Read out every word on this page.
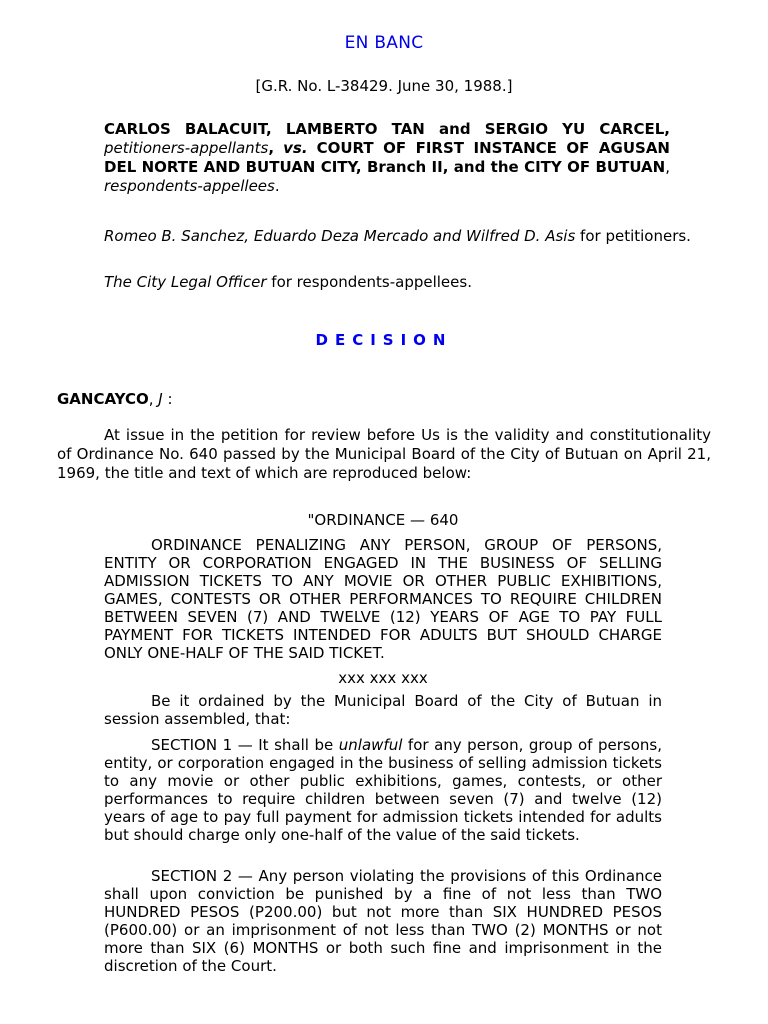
EN BANC
[G.R. No. L-38429. June 30, 1988.]
CARLOS BALACUIT, LAMBERTO TAN and SERGIO YU CARCEL, petitioners-appellants, vs. COURT OF FIRST INSTANCE OF AGUSAN DEL NORTE AND BUTUAN CITY, Branch II, and the CITY OF BUTUAN, respondents-appellees.
Romeo B. Sanchez, Eduardo Deza Mercado and Wilfred D. Asis for petitioners.
The City Legal Officer for respondents-appellees.
DECISION
GANCAYCO, J :
At issue in the petition for review before Us is the validity and constitutionality of Ordinance No. 640 passed by the Municipal Board of the City of Butuan on April 21, 1969, the title and text of which are reproduced below:
"ORDINANCE — 640
ORDINANCE PENALIZING ANY PERSON, GROUP OF PERSONS, ENTITY OR CORPORATION ENGAGED IN THE BUSINESS OF SELLING ADMISSION TICKETS TO ANY MOVIE OR OTHER PUBLIC EXHIBITIONS, GAMES, CONTESTS OR OTHER PERFORMANCES TO REQUIRE CHILDREN BETWEEN SEVEN (7) AND TWELVE (12) YEARS OF AGE TO PAY FULL PAYMENT FOR TICKETS INTENDED FOR ADULTS BUT SHOULD CHARGE ONLY ONE-HALF OF THE SAID TICKET.
xxx xxx xxx
Be it ordained by the Municipal Board of the City of Butuan in session assembled, that:
SECTION 1 — It shall be unlawful for any person, group of persons, entity, or corporation engaged in the business of selling admission tickets to any movie or other public exhibitions, games, contests, or other performances to require children between seven (7) and twelve (12) years of age to pay full payment for admission tickets intended for adults but should charge only one-half of the value of the said tickets.
SECTION 2 — Any person violating the provisions of this Ordinance shall upon conviction be punished by a fine of not less than TWO HUNDRED PESOS (P200.00) but not more than SIX HUNDRED PESOS (P600.00) or an imprisonment of not less than TWO (2) MONTHS or not more than SIX (6) MONTHS or both such fine and imprisonment in the discretion of the Court.
